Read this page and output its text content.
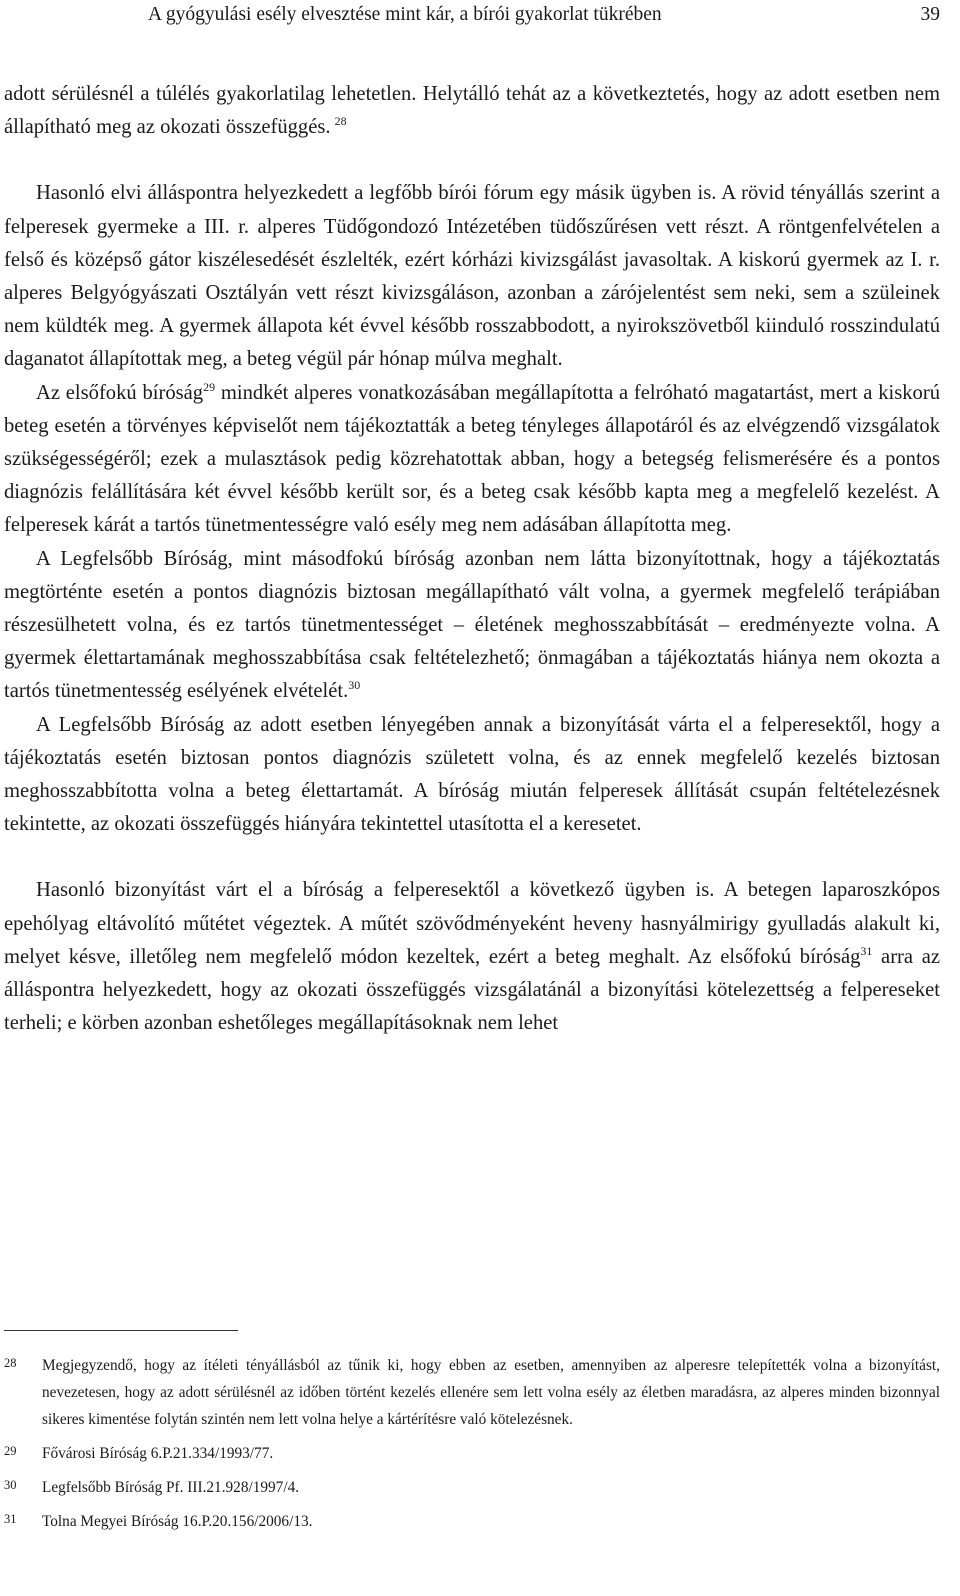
A gyógyulási esély elvesztése mint kár, a bírói gyakorlat tükrében	39

adott sérülésnél a túlélés gyakorlatilag lehetetlen. Helytálló tehát az a következtetés, hogy az adott esetben nem állapítható meg az okozati összefüggés.  $^{28}$

Hasonló elvi álláspontra helyezkedett a legfőbb bírói fórum egy másik ügyben is. A rövid tényállás szerint a felperesek gyermeke a III. r. alperes Tüdőgondozó Intézetében tüdőszűrésen vett részt. A röntgenfelvételen a felső és középső gátor kiszélesedését észlelték, ezért kórházi kivizsgálást javasoltak. A kiskorú gyermek az I. r. alperes Belgyógyászati Osztályán vett részt kivizsgáláson, azonban a zárójelentést sem neki, sem a szüleinek nem küldték meg. A gyermek állapota két évvel később rosszabbodott, a nyirokszövetből kiinduló rosszindulatú daganatot állapítottak meg, a beteg végül pár hónap múlva meghalt.

Az elsőfokú bíróság$^{29}$ mindkét alperes vonatkozásában megállapította a felróható magatartást, mert a kiskorú beteg esetén a törvényes képviselőt nem tájékoztatták a beteg tényleges állapotáról és az elvégzendő vizsgálatok szükségességéről; ezek a mulasztások pedig közrehatottak abban, hogy a betegség felismerésére és a pontos diagnózis felállítására két évvel később került sor, és a beteg csak később kapta meg a megfelelő kezelést. A felperesek kárát a tartós tünetmentességre való esély meg nem adásában állapította meg.

A Legfelsőbb Bíróság, mint másodfokú bíróság azonban nem látta bizonyítottnak, hogy a tájékoztatás megtörténte esetén a pontos diagnózis biztosan megállapítható vált volna, a gyermek megfelelő terápiában részesülhetett volna, és ez tartós tünetmentességet – életének meghosszabbítását – eredményezte volna. A gyermek élettartamának meghosszabbítása csak feltételezhető; önmagában a tájékoztatás hiánya nem okozta a tartós tünetmentesség esélyének elvételét.$^{30}$

A Legfelsőbb Bíróság az adott esetben lényegében annak a bizonyítását várta el a felperesektől, hogy a tájékoztatás esetén biztosan pontos diagnózis született volna, és az ennek megfelelő kezelés biztosan meghosszabbította volna a beteg élettartamát. A bíróság miután felperesek állítását csupán feltételezésnek tekintette, az okozati összefüggés hiányára tekintettel utasította el a keresetet.

Hasonló bizonyítást várt el a bíróság a felperesektől a következő ügyben is. A betegen laparoszkópos epehólyag eltávolító műtétet végeztek. A műtét szövődményeként heveny hasnyálmirigy gyulladás alakult ki, melyet késve, illetőleg nem megfelelő módon kezeltek, ezért a beteg meghalt. Az elsőfokú bíróság$^{31}$ arra az álláspontra helyezkedett, hogy az okozati összefüggés vizsgálatánál a bizonyítási kötelezettség a felpereseket terheli; e körben azonban eshetőleges megállapításoknak nem lehet

28 Megjegyzendő, hogy az ítéleti tényállásból az tűnik ki, hogy ebben az esetben, amennyiben az alperesre telepítették volna a bizonyítást, nevezetesen, hogy az adott sérülésnél az időben történt kezelés ellenére sem lett volna esély az életben maradásra, az alperes minden bizonnyal sikeres kimentése folytán szintén nem lett volna helye a kártérítésre való kötelezésnek.
29 Fővárosi Bíróság 6.P.21.334/1993/77.
30 Legfelsőbb Bíróság Pf. III.21.928/1997/4.
31 Tolna Megyei Bíróság 16.P.20.156/2006/13.
